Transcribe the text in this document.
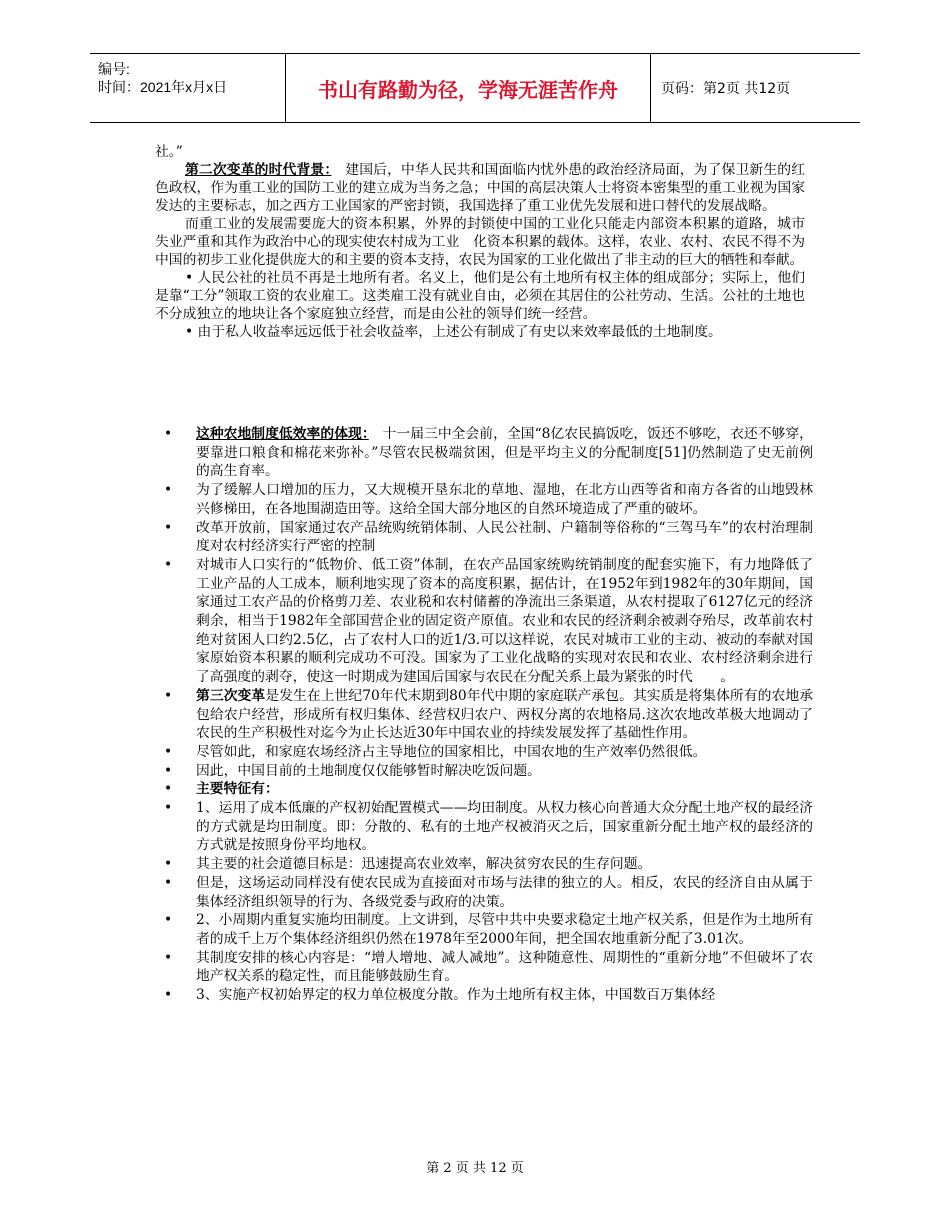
编号:
时间：2021年x月x日	书山有路勤为径，学海无涯苦作舟	页码：第2页 共12页

社。”

第二次变革的时代背景：　 建国后，中华人民共和国面临内忧外患的政治经济局面，为了保卫新生的红色政权，作为重工业的国防工业的建立成为当务之急；中国的高层决策人士将资本密集型的重工业视为国家发达的主要标志，加之西方工业国家的严密封锁，我国选择了重工业优先发展和进口替代的发展战略。

而重工业的发展需要庞大的资本积累，外界的封锁使中国的工业化只能走内部资本积累的道路，城市失业严重和其作为政治中心的现实使农村成为工业　化资本积累的载体。这样，农业、农村、农民不得不为中国的初步工业化提供庞大的和主要的资本支持，农民为国家的工业化做出了非主动的巨大的牺牲和奉献。

• 人民公社的社员不再是土地所有者。名义上，他们是公有土地所有权主体的组成部分；实际上，他们是靠“工分”领取工资的农业雇工。这类雇工没有就业自由，必须在其居住的公社劳动、生活。公社的土地也不分成独立的地块让各个家庭独立经营，而是由公社的领导们统一经营。

• 由于私人收益率远远低于社会收益率，上述公有制成了有史以来效率最低的土地制度。

• 这种农地制度低效率的体现：　十一届三中全会前，全国“8亿农民搞饭吃，饭还不够吃，衣还不够穿，要靠进口粮食和棉花来弥补。”尽管农民极端贫困，但是平均主义的分配制度[51]仍然制造了史无前例的高生育率。

• 为了缓解人口增加的压力，又大规模开垦东北的草地、湿地，在北方山西等省和南方各省的山地毁林兴修梯田，在各地围湖造田等。这给全国大部分地区的自然环境造成了严重的破坏。

• 改革开放前，国家通过农产品统购统销体制、人民公社制、户籍制等俗称的“三驾马车”的农村治理制度对农村经济实行严密的控制

• 对城市人口实行的“低物价、低工资”体制，在农产品国家统购统销制度的配套实施下，有力地降低了工业产品的人工成本，顺利地实现了资本的高度积累，据估计，在1952年到1982年的30年期间，国家通过工农产品的价格剪刀差、农业税和农村储蓄的净流出三条渠道，从农村提取了6127亿元的经济剩余，相当于1982年全部国营企业的固定资产原值。农业和农民的经济剩余被剥夺殆尽，改革前农村绝对贫困人口约2.5亿，占了农村人口的近1/3.可以这样说，农民对城市工业的主动、被动的奉献对国家原始资本积累的顺利完成功不可没。国家为了工业化战略的实现对农民和农业、农村经济剩余进行了高强度的剥夺，使这一时期成为建国后国家与农民在分配关系上最为紧张的时代　　。

• 第三次变革是发生在上世纪70年代末期到80年代中期的家庭联产承包。其实质是将集体所有的农地承包给农户经营，形成所有权归集体、经营权归农户、两权分离的农地格局.这次农地改革极大地调动了农民的生产积极性对迄今为止长达近30年中国农业的持续发展发挥了基础性作用。

• 尽管如此，和家庭农场经济占主导地位的国家相比，中国农地的生产效率仍然很低。

• 因此，中国目前的土地制度仅仅能够暂时解决吃饭问题。

• 主要特征有：

• 1、运用了成本低廉的产权初始配置模式——均田制度。从权力核心向普通大众分配土地产权的最经济的方式就是均田制度。即：分散的、私有的土地产权被消灭之后，国家重新分配土地产权的最经济的方式就是按照身份平均地权。

• 其主要的社会道德目标是：迅速提高农业效率，解决贫穷农民的生存问题。

• 但是，这场运动同样没有使农民成为直接面对市场与法律的独立的人。相反，农民的经济自由从属于集体经济组织领导的行为、各级党委与政府的决策。

• 2、小周期内重复实施均田制度。上文讲到，尽管中共中央要求稳定土地产权关系，但是作为土地所有者的成千上万个集体经济组织仍然在1978年至2000年间，把全国农地重新分配了3.01次。

• 其制度安排的核心内容是：“增人增地、减人减地”。这种随意性、周期性的“重新分地”不但破坏了农地产权关系的稳定性，而且能够鼓励生育。

• 3、实施产权初始界定的权力单位极度分散。作为土地所有权主体，中国数百万集体经

第 2 页 共 12 页
